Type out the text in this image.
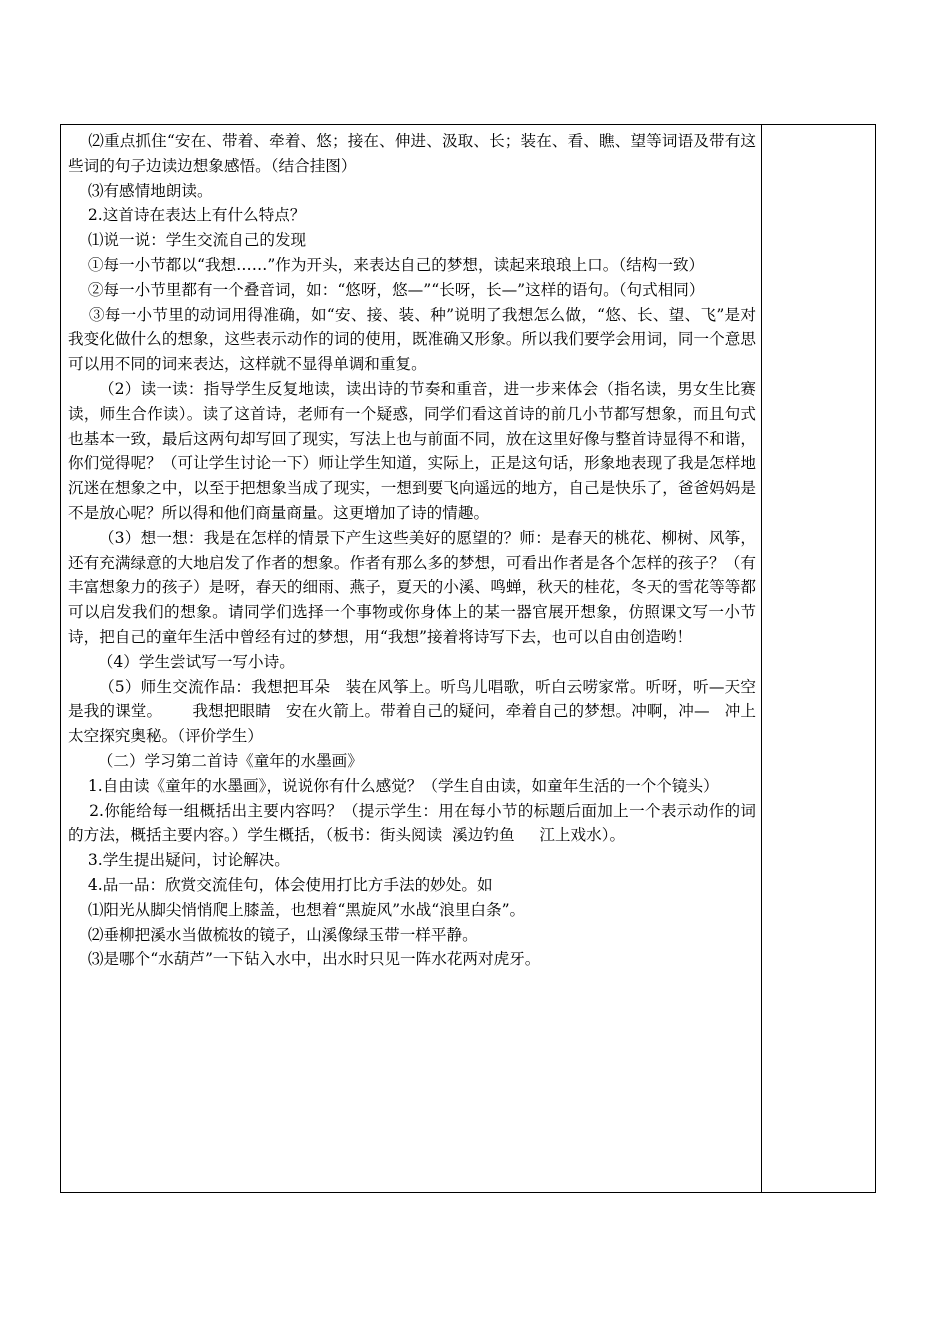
⑵重点抓住“安在、带着、牵着、悠；接在、伸进、汲取、长；装在、看、瞧、望等词语及带有这些词的句子边读边想象感悟。（结合挂图）

⑶有感情地朗读。

2.这首诗在表达上有什么特点？

⑴说一说：学生交流自己的发现

①每一小节都以“我想……”作为开头，来表达自己的梦想，读起来琅琅上口。（结构一致）

②每一小节里都有一个叠音词，如：“悠呀，悠—”“长呀，长—”这样的语句。（句式相同）

③每一小节里的动词用得准确，如“安、接、装、种”说明了我想怎么做，“悠、长、望、飞”是对我变化做什么的想象，这些表示动作的词的使用，既准确又形象。所以我们要学会用词，同一个意思可以用不同的词来表达，这样就不显得单调和重复。

（2）读一读：指导学生反复地读，读出诗的节奏和重音，进一步来体会（指名读，男女生比赛读，师生合作读）。读了这首诗，老师有一个疑惑，同学们看这首诗的前几小节都写想象，而且句式也基本一致，最后这两句却写回了现实，写法上也与前面不同，放在这里好像与整首诗显得不和谐，你们觉得呢？（可让学生讨论一下）师让学生知道，实际上，正是这句话，形象地表现了我是怎样地沉迷在想象之中，以至于把想象当成了现实，一想到要飞向遥远的地方，自己是快乐了，爸爸妈妈是不是放心呢？所以得和他们商量商量。这更增加了诗的情趣。

（3）想一想：我是在怎样的情景下产生这些美好的愿望的？师：是春天的桃花、柳树、风筝，还有充满绿意的大地启发了作者的想象。作者有那么多的梦想，可看出作者是各个怎样的孩子？（有丰富想象力的孩子）是呀，春天的细雨、燕子，夏天的小溪、鸣蝉，秋天的桂花，冬天的雪花等等都可以启发我们的想象。请同学们选择一个事物或你身体上的某一器官展开想象，仿照课文写一小节诗，把自己的童年生活中曾经有过的梦想，用“我想”接着将诗写下去，也可以自由创造哟！

（4）学生尝试写一写小诗。

（5）师生交流作品：我想把耳朵   装在风筝上。听鸟儿唱歌，听白云唠家常。听呀，听—天空是我的课堂。      我想把眼睛   安在火箭上。带着自己的疑问，牵着自己的梦想。冲啊，冲—   冲上太空探究奥秘。（评价学生）

（二）学习第二首诗《童年的水墨画》

1.自由读《童年的水墨画》，说说你有什么感觉？（学生自由读，如童年生活的一个个镜头）

2.你能给每一组概括出主要内容吗？（提示学生：用在每小节的标题后面加上一个表示动作的词的方法，概括主要内容。）学生概括，（板书：街头阅读  溪边钓鱼     江上戏水）。

3.学生提出疑问，讨论解决。

4.品一品：欣赏交流佳句，体会使用打比方手法的妙处。如

⑴阳光从脚尖悄悄爬上膝盖，也想着“黑旋风”水战“浪里白条”。

⑵垂柳把溪水当做梳妆的镜子，山溪像绿玉带一样平静。

⑶是哪个“水葫芦”一下钻入水中，出水时只见一阵水花两对虎牙。
